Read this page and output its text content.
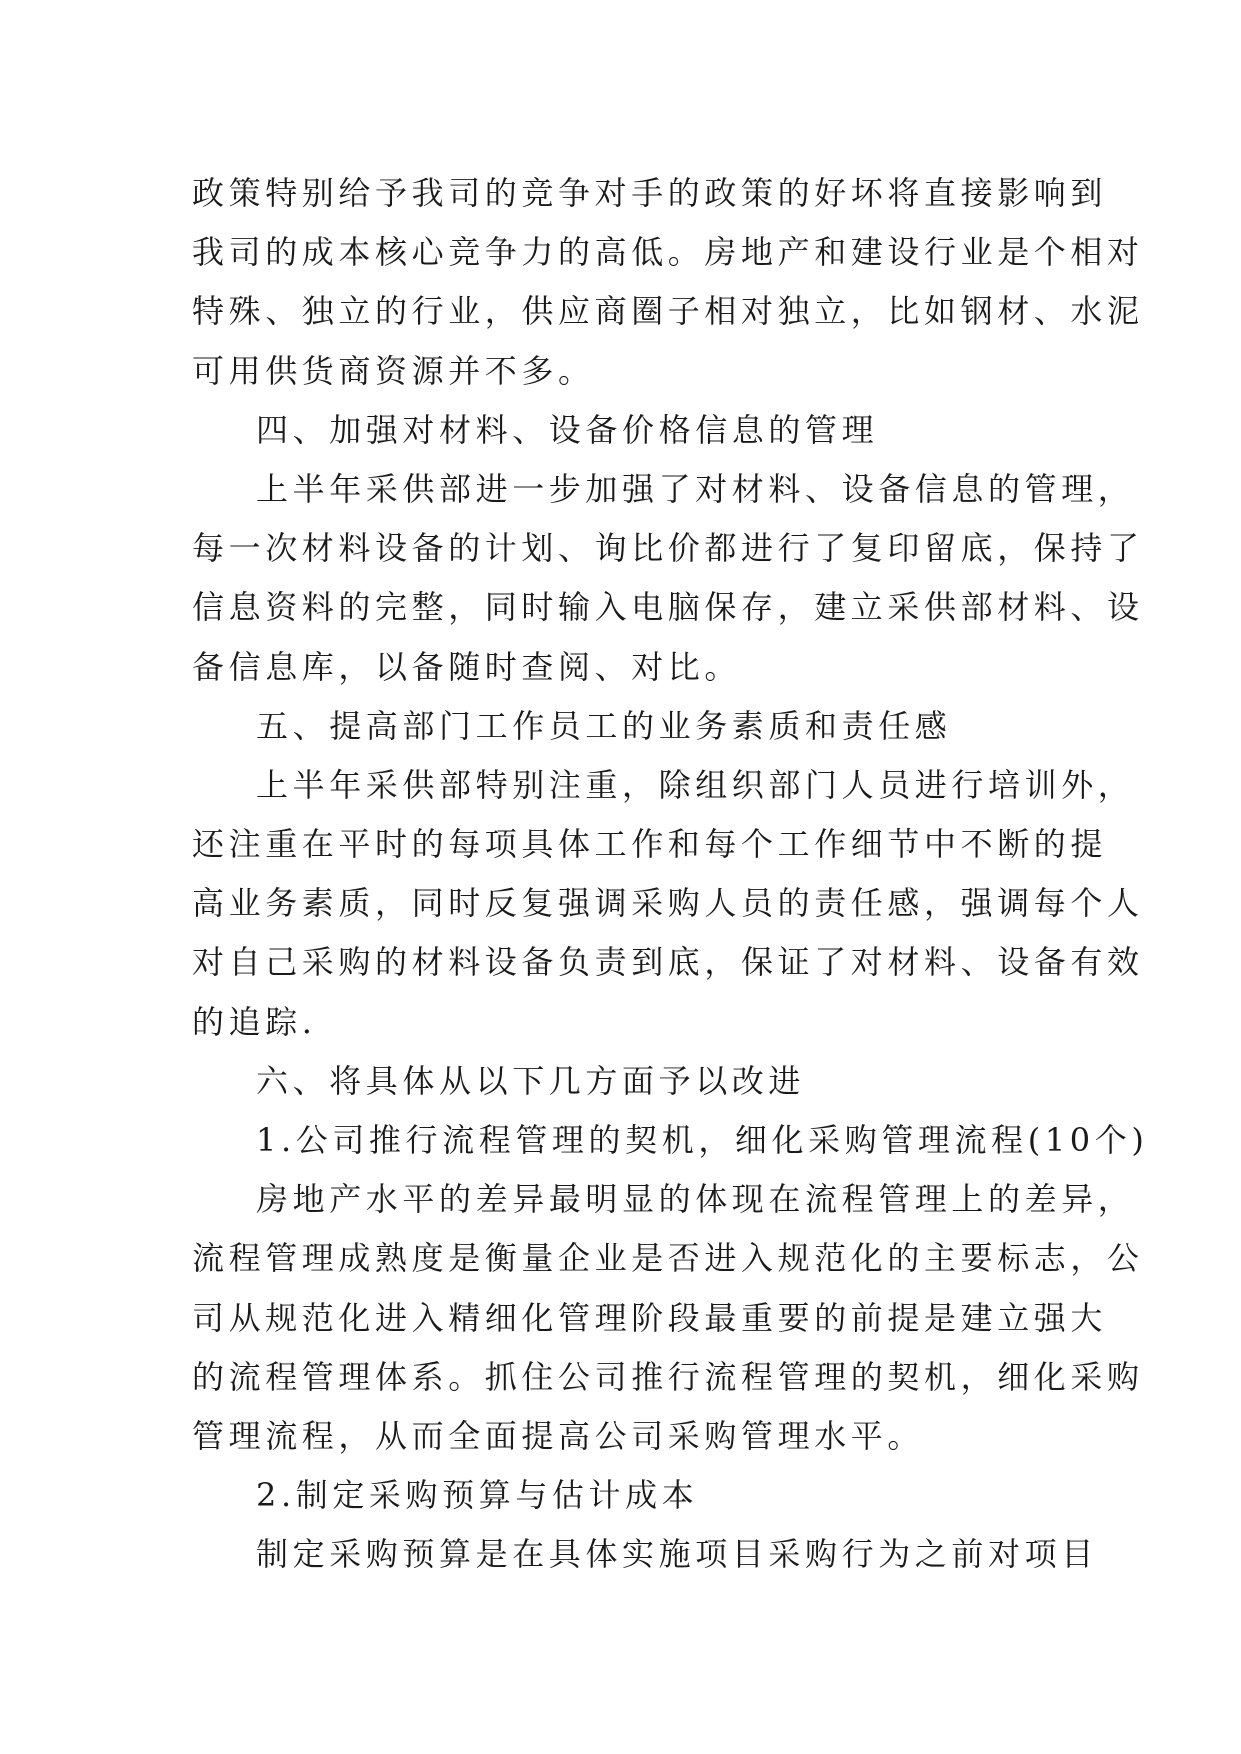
政策特别给予我司的竞争对手的政策的好坏将直接影响到
我司的成本核心竞争力的高低。房地产和建设行业是个相对
特殊、独立的行业，供应商圈子相对独立，比如钢材、水泥
可用供货商资源并不多。
四、加强对材料、设备价格信息的管理
上半年采供部进一步加强了对材料、设备信息的管理，
每一次材料设备的计划、询比价都进行了复印留底，保持了
信息资料的完整，同时输入电脑保存，建立采供部材料、设
备信息库，以备随时查阅、对比。
五、提高部门工作员工的业务素质和责任感
上半年采供部特别注重，除组织部门人员进行培训外，
还注重在平时的每项具体工作和每个工作细节中不断的提
高业务素质，同时反复强调采购人员的责任感，强调每个人
对自己采购的材料设备负责到底，保证了对材料、设备有效
的追踪.
六、将具体从以下几方面予以改进
1.公司推行流程管理的契机，细化采购管理流程(10个)
房地产水平的差异最明显的体现在流程管理上的差异，
流程管理成熟度是衡量企业是否进入规范化的主要标志，公
司从规范化进入精细化管理阶段最重要的前提是建立强大
的流程管理体系。抓住公司推行流程管理的契机，细化采购
管理流程，从而全面提高公司采购管理水平。
2.制定采购预算与估计成本
制定采购预算是在具体实施项目采购行为之前对项目
